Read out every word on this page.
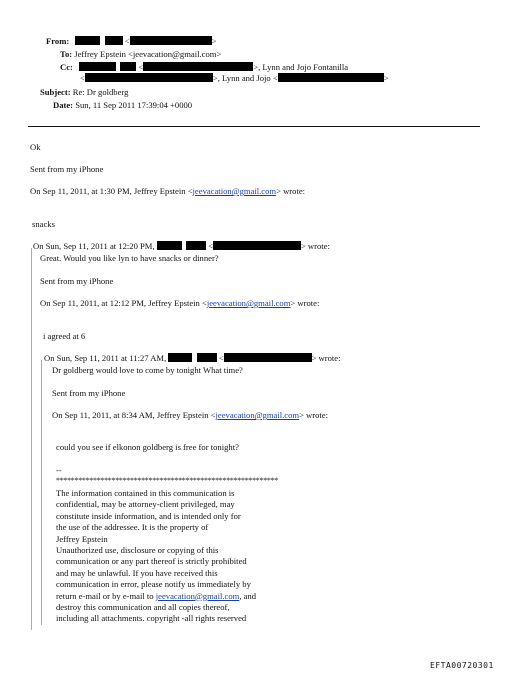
From:	<	>
To: Jeffrey Epstein <jeevacation@gmail.com>
Cc:	<	>, Lynn and Jojo Fontanilla
<	>, Lynn and Jojo <	>
Subject: Re: Dr goldberg
Date: Sun, 11 Sep 2011 17:39:04 +0000
Ok
Sent from my iPhone
On Sep 11, 2011, at 1:30 PM, Jeffrey Epstein <jeevacation@gmail.com> wrote:
snacks
On Sun, Sep 11, 2011 at 12:20 PM,	<	> wrote:
Great. Would you like lyn to have snacks or dinner?
Sent from my iPhone
On Sep 11, 2011, at 12:12 PM, Jeffrey Epstein <jeevacation@gmail.com> wrote:
i agreed at 6
On Sun, Sep 11, 2011 at 11:27 AM,	<	> wrote:
Dr goldberg would love to come by tonight What time?
Sent from my iPhone
On Sep 11, 2011, at 8:34 AM, Jeffrey Epstein <jeevacation@gmail.com> wrote:
could you see if elkonon goldberg is free for tonight?
--
************************************************************
The information contained in this communication is
confidential, may be attorney-client privileged, may
constitute inside information, and is intended only for
the use of the addressee. It is the property of
Jeffrey Epstein
Unauthorized use, disclosure or copying of this
communication or any part thereof is strictly prohibited
and may be unlawful. If you have received this
communication in error, please notify us immediately by
return e-mail or by e-mail to jeevacation@gmail.com, and
destroy this communication and all copies thereof,
including all attachments. copyright -all rights reserved
EFTA00720301
